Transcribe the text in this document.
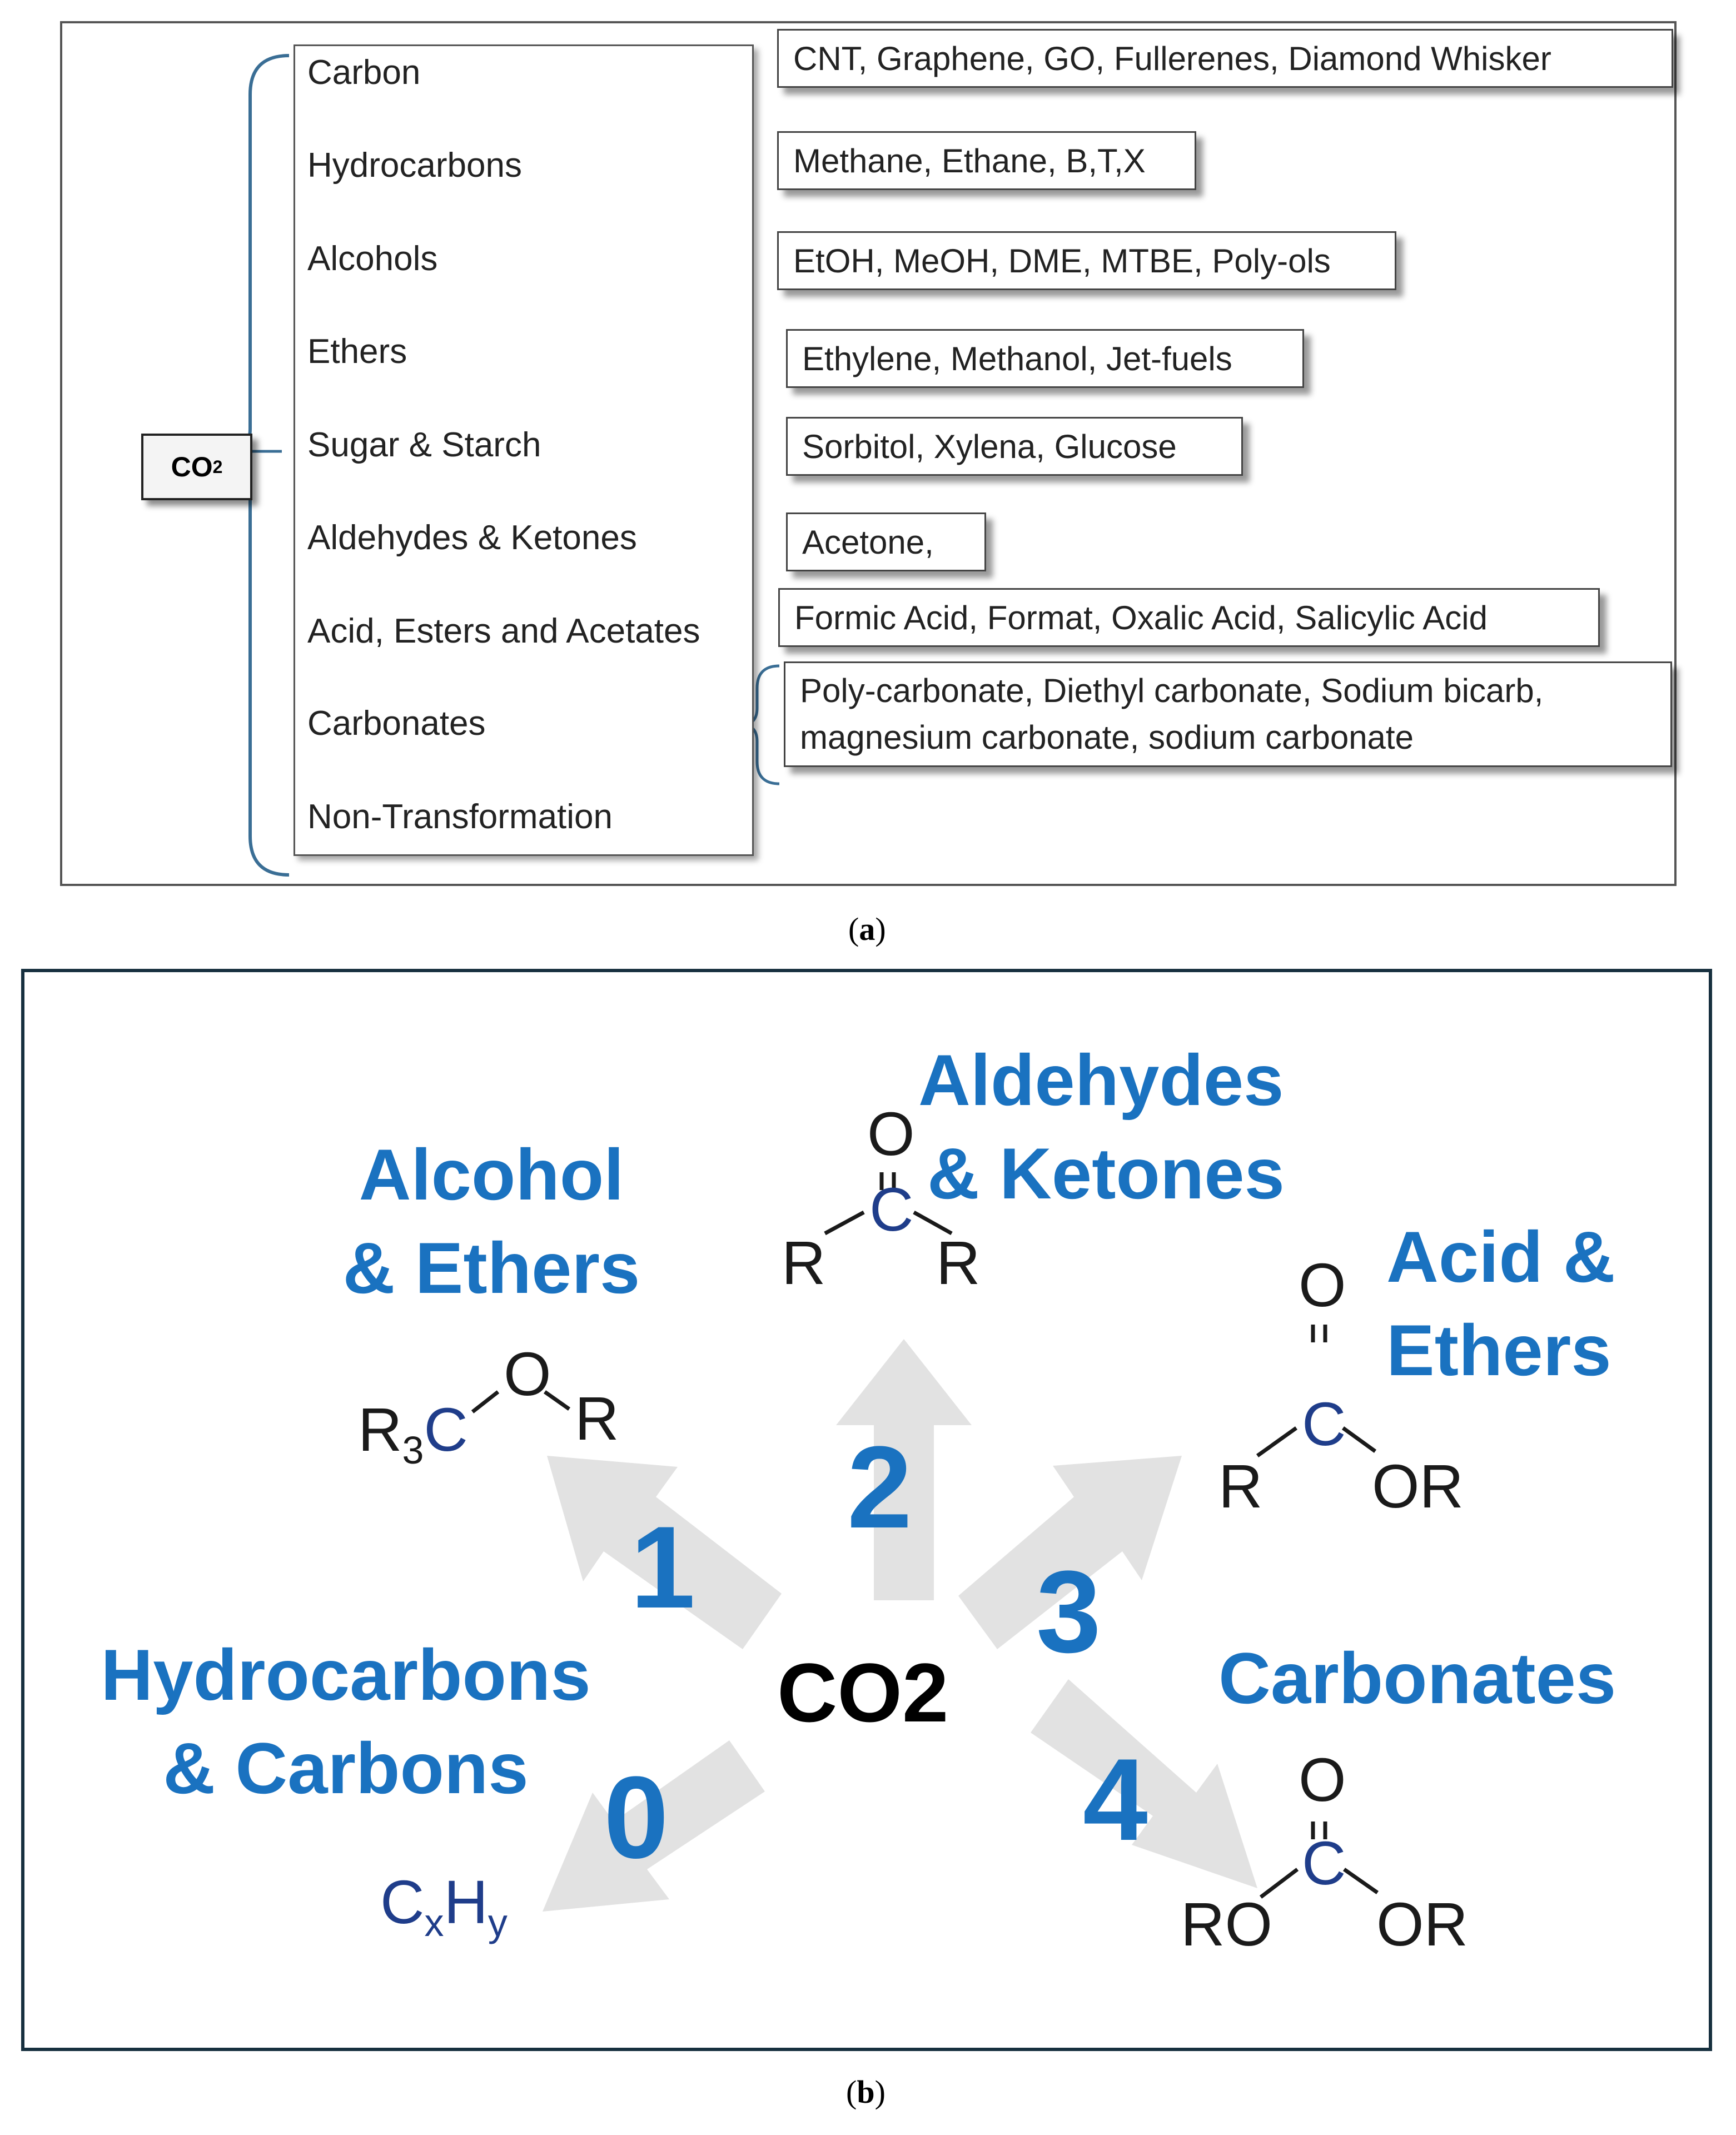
CO 2
Carbon
Hydrocarbons
Alcohols
Ethers
Sugar & Starch
Aldehydes & Ketones
Acid, Esters and Acetates
Carbonates
Non-Transformation
CNT, Graphene, GO, Fullerenes, Diamond Whisker
Methane, Ethane, B,T,X
EtOH, MeOH, DME, MTBE, Poly-ols
Ethylene, Methanol, Jet-fuels
Sorbitol, Xylena, Glucose
Acetone,
Formic Acid, Format, Oxalic Acid, Salicylic Acid
Poly-carbonate, Diethyl carbonate, Sodium bicarb,
magnesium carbonate, sodium carbonate
(a)
Alcohol
& Ethers
Aldehydes
& Ketones
Acid &
Ethers
Hydrocarbons
& Carbons
Carbonates
0
1
2
3
4
CO2
O
C
R R
$R_3C$
O
R
O
C
R OR
$C_xH_y$
O
C
RO OR
(b)
